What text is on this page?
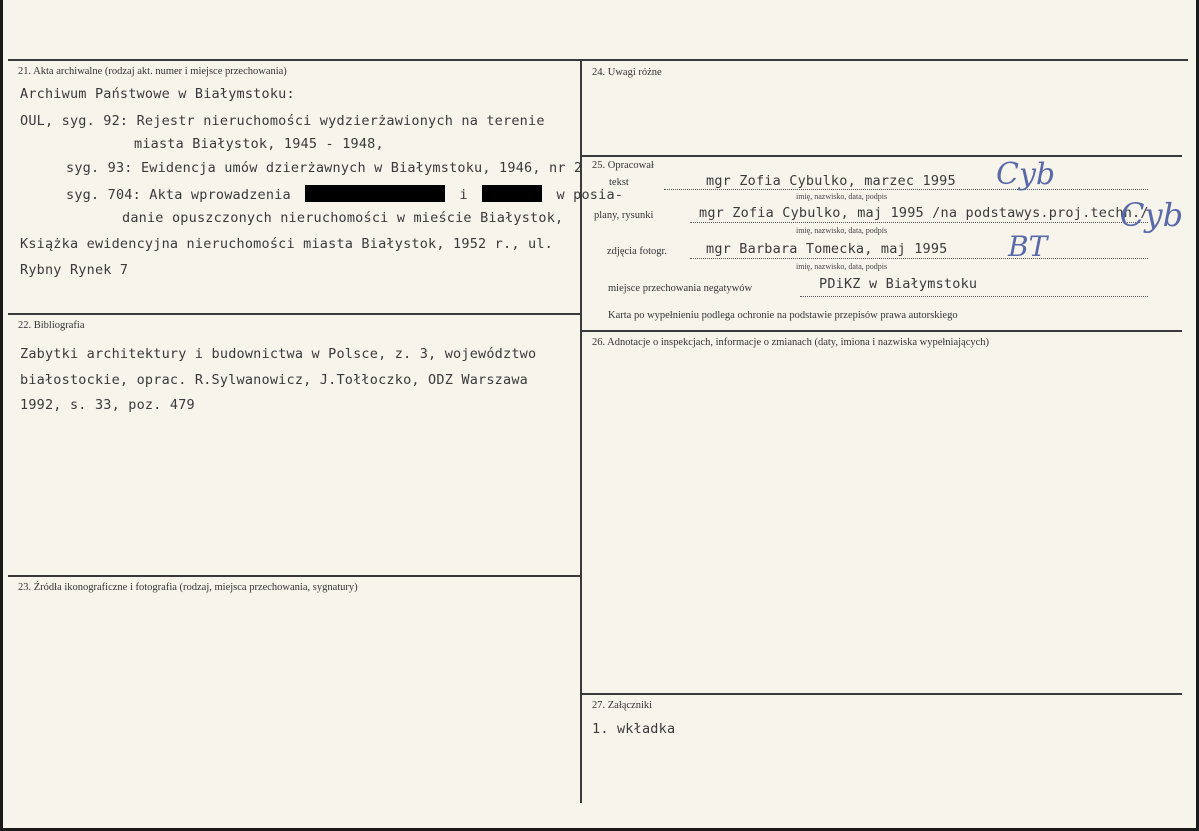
21. Akta archiwalne (rodzaj akt. numer i miejsce przechowania)
Archiwum Państwowe w Białymstoku:
OUL, syg. 92: Rejestr nieruchomości wydzierżawionych na terenie
miasta Białystok, 1945 - 1948,
syg. 93: Ewidencja umów dzierżawnych w Białymstoku, 1946, nr 2
syg. 704: Akta wprowadzenia	i	w posia-
danie opuszczonych nieruchomości w mieście Białystok,
Książka ewidencyjna nieruchomości miasta Białystok, 1952 r., ul.
Rybny Rynek 7
22. Bibliografia
Zabytki architektury i budownictwa w Polsce, z. 3, województwo
białostockie, oprac. R.Sylwanowicz, J.Tołłoczko, ODZ Warszawa
1992, s. 33, poz. 479
23. Źródła ikonograficzne i fotografia (rodzaj, miejsca przechowania, sygnatury)
24. Uwagi różne
25. Opracował
tekst	mgr Zofia Cybulko, marzec 1995
imię, nazwisko, data, podpis
Cyb
plany, rysunki	mgr Zofia Cybulko, maj 1995 /na podstawys.proj.techn./
imię, nazwisko, data, podpis	Cyb
zdjęcia fotogr.	mgr Barbara Tomecka, maj 1995
imię, nazwisko, data, podpis
BT
miejsce przechowania negatywów	PDiKZ w Białymstoku
Karta po wypełnieniu podlega ochronie na podstawie przepisów prawa autorskiego
26. Adnotacje o inspekcjach, informacje o zmianach (daty, imiona i nazwiska wypełniających)
27. Załączniki
1. wkładka
